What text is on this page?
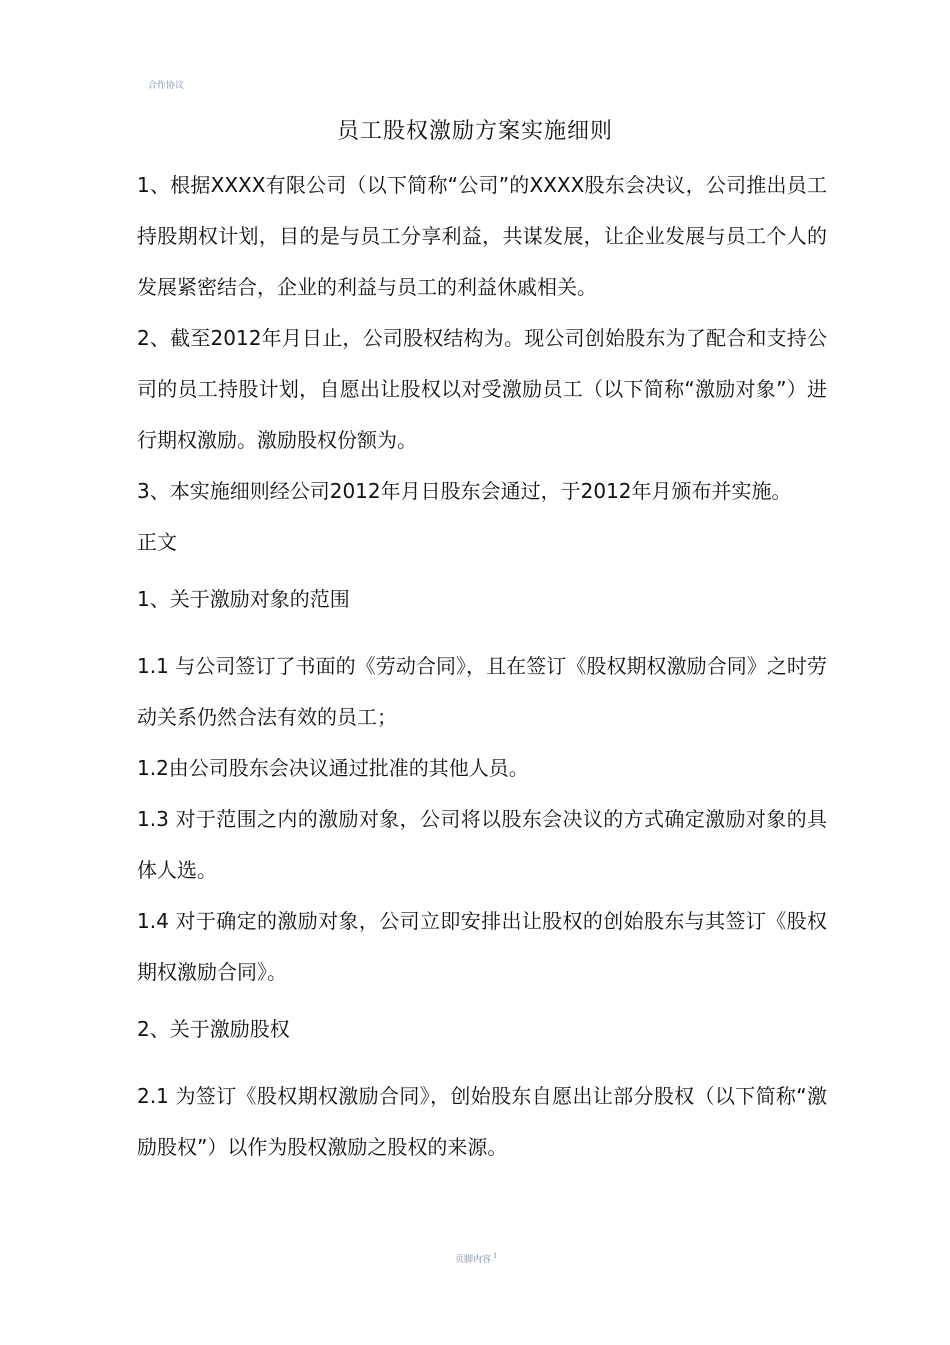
合作协议
员工股权激励方案实施细则

1、根据XXXX有限公司（以下简称“公司”的XXXX股东会决议，公司推出员工持股期权计划，目的是与员工分享利益，共谋发展，让企业发展与员工个人的发展紧密结合，企业的利益与员工的利益休戚相关。

2、截至2012年月日止，公司股权结构为。现公司创始股东为了配合和支持公司的员工持股计划，自愿出让股权以对受激励员工（以下简称“激励对象”）进行期权激励。激励股权份额为。

3、本实施细则经公司2012年月日股东会通过，于2012年月颁布并实施。

正文

1、关于激励对象的范围

1.1 与公司签订了书面的《劳动合同》，且在签订《股权期权激励合同》之时劳动关系仍然合法有效的员工；

1.2由公司股东会决议通过批准的其他人员。

1.3 对于范围之内的激励对象，公司将以股东会决议的方式确定激励对象的具体人选。

1.4 对于确定的激励对象，公司立即安排出让股权的创始股东与其签订《股权期权激励合同》。

2、关于激励股权

2.1 为签订《股权期权激励合同》，创始股东自愿出让部分股权（以下简称“激励股权”）以作为股权激励之股权的来源。

页脚内容 $^1$
